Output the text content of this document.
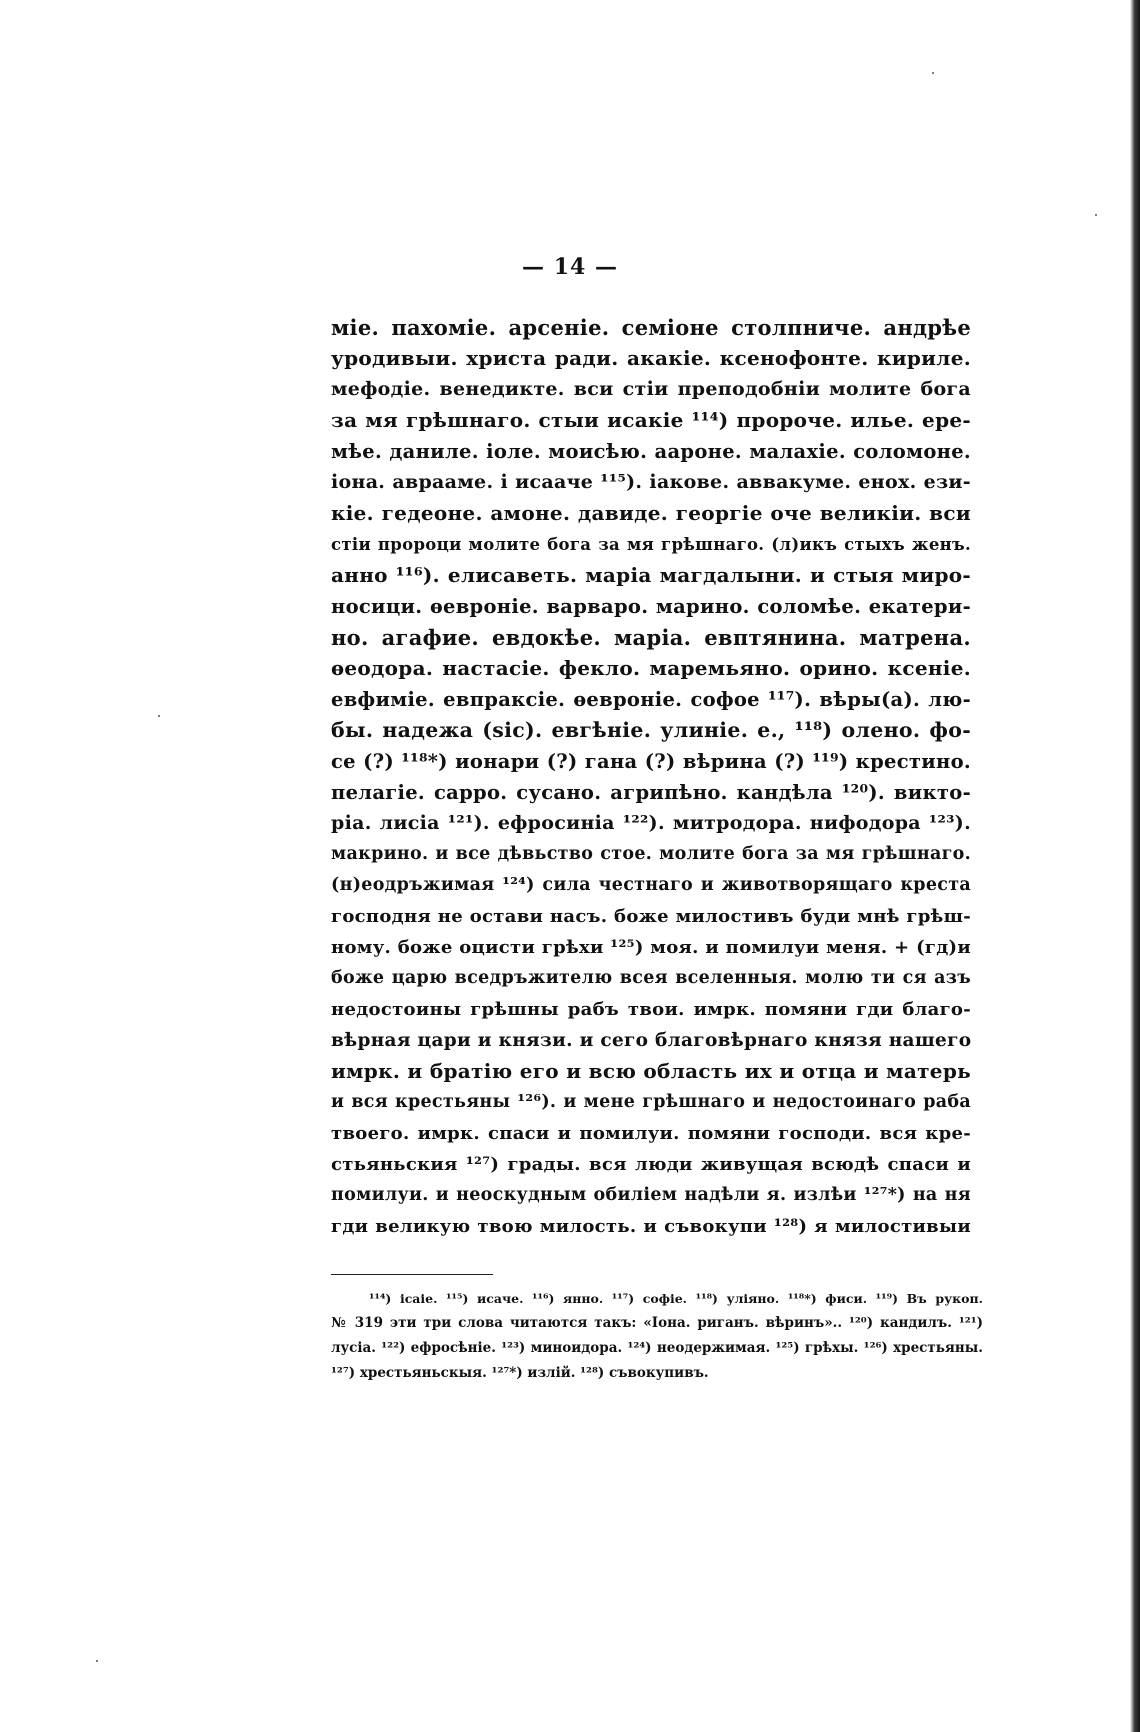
— 14 —
міе. пахоміе. арсеніе. семіоне столпниче. андрѣе
уродивыи. христа ради. акакіе. ксенофонте. кириле.
мефодіе. венедикте. вси стіи преподобніи молите бога
за мя грѣшнаго. стыи исакіе ¹¹⁴) пророче. илье. ере-
мѣе. даниле. іоле. моисѣю. аароне. малахіе. соломоне.
іона. авраамe. і исааче ¹¹⁵). іакове. аввакуме. енох. ези-
кіе. гедеоне. амоне. давиде. георгіе оче великіи. вси
стіи пророци молите бога за мя грѣшнаго. (л)икъ стыхъ женъ.
анно ¹¹⁶). елисаветь. маріа магдалыни. и стыя миро-
носици. ѳевроніе. варваро. марино. соломѣе. екатери-
но. агафие. евдокѣе. маріа. евптянина. матрена.
ѳеодора. настасіе. фекло. маремьяно. орино. ксеніе.
евфиміе. евпраксіе. ѳевроніе. софое ¹¹⁷). вѣры(а). лю-
бы. надежа (sic). евгѣніе. улиніе. е., ¹¹⁸) олено. фо-
се (?) ¹¹⁸*) ионари (?) гана (?) вѣрина (?) ¹¹⁹) крестино.
пелагіе. сарро. сусано. агрипѣно. кандѣла ¹²⁰). викто-
ріа. лисіа ¹²¹). ефросиніа ¹²²). митродора. нифодора ¹²³).
макрино. и все дѣвьство стое. молите бога за мя грѣшнаго.
(н)еодръжимая ¹²⁴) сила честнаго и животворящаго креста
господня не остави насъ. боже милостивъ буди мнѣ грѣш-
ному. боже оцисти грѣхи ¹²⁵) моя. и помилуи меня. + (гд)и
боже царю вседръжителю всея вселенныя. молю ти ся азъ
недостоины грѣшны рабъ твои. имрк. помяни гди благо-
вѣрная цари и князи. и сего благовѣрнаго князя нашего
имрк. и братію его и всю область их и отца и матерь
и вся крестьяны ¹²⁶). и мене грѣшнаго и недостоинаго раба
твоего. имрк. спаси и помилуи. помяни господи. вся кре-
стьяньския ¹²⁷) грады. вся люди живущая всюдѣ спаси и
помилуи. и неоскудным обиліем надѣли я. излѣи ¹²⁷*) на ня
гди великую твою милость. и съвокупи ¹²⁸) я милостивыи
¹¹⁴) ісаіе. ¹¹⁵) исаче. ¹¹⁶) янно. ¹¹⁷) софіе. ¹¹⁸) уліяно. ¹¹⁸*) фиси. ¹¹⁹) Въ рукоп.
№ 319 эти три слова читаются такъ: «Іона. риганъ. вѣринъ».. ¹²⁰) кандилъ. ¹²¹)
лусіа. ¹²²) ефросѣніе. ¹²³) миноидора. ¹²⁴) неодержимая. ¹²⁵) грѣхы. ¹²⁶) хрестьяны.
¹²⁷) хрестьяньскыя. ¹²⁷*) излій. ¹²⁸) съвокупивъ.
